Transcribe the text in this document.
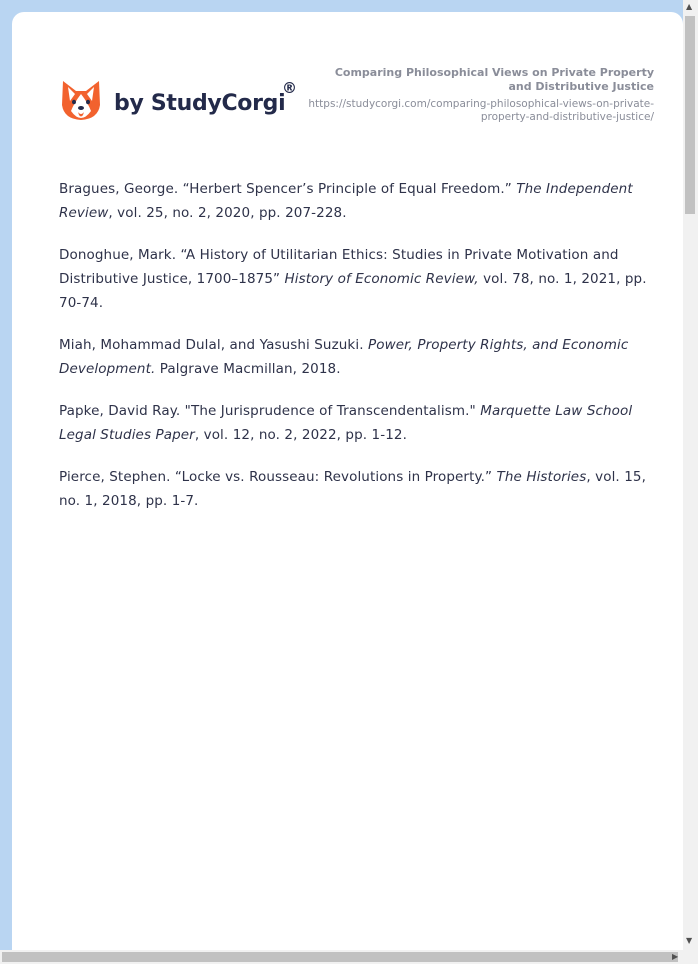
by StudyCorgi
®
Comparing Philosophical Views on Private Property and Distributive Justice
https://studycorgi.com/comparing-philosophical-views-on-private-property-and-distributive-justice/

Bragues, George. “Herbert Spencer’s Principle of Equal Freedom.” The Independent Review, vol. 25, no. 2, 2020, pp. 207-228.

Donoghue, Mark. “A History of Utilitarian Ethics: Studies in Private Motivation and Distributive Justice, 1700–1875” History of Economic Review, vol. 78, no. 1, 2021, pp. 70-74.

Miah, Mohammad Dulal, and Yasushi Suzuki. Power, Property Rights, and Economic Development. Palgrave Macmillan, 2018.

Papke, David Ray. "The Jurisprudence of Transcendentalism." Marquette Law School Legal Studies Paper, vol. 12, no. 2, 2022, pp. 1-12.

Pierce, Stephen. “Locke vs. Rousseau: Revolutions in Property.” The Histories, vol. 15, no. 1, 2018, pp. 1-7.

▲
▼
▶
